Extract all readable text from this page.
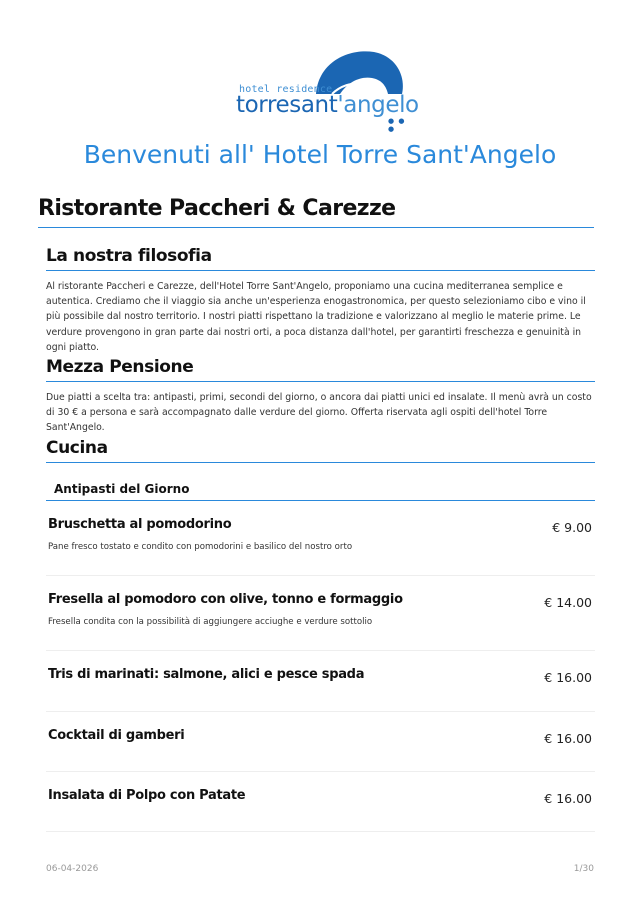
hotel residence
torresant'angelo
● ● ●
Benvenuti all' Hotel Torre Sant'Angelo
Ristorante Paccheri & Carezze
La nostra filosofia

Al ristorante Paccheri e Carezze, dell'Hotel Torre Sant'Angelo, proponiamo una cucina mediterranea semplice e autentica. Crediamo che il viaggio sia anche un'esperienza enogastronomica, per questo selezioniamo cibo e vino il più possibile dal nostro territorio. I nostri piatti rispettano la tradizione e valorizzano al meglio le materie prime. Le verdure provengono in gran parte dai nostri orti, a poca distanza dall'hotel, per garantirti freschezza e genuinità in ogni piatto.

Mezza Pensione

Due piatti a scelta tra: antipasti, primi, secondi del giorno, o ancora dai piatti unici ed insalate. Il menù avrà un costo di 30 € a persona e sarà accompagnato dalle verdure del giorno. Offerta riservata agli ospiti dell'hotel Torre Sant'Angelo.

Cucina
Antipasti del Giorno
Bruschetta al pomodorino
Pane fresco tostato e condito con pomodorini e basilico del nostro orto
€ 9.00
Fresella al pomodoro con olive, tonno e formaggio
Fresella condita con la possibilità di aggiungere acciughe e verdure sottolio
€ 14.00
Tris di marinati: salmone, alici e pesce spada	€ 16.00
Cocktail di gamberi	€ 16.00
Insalata di Polpo con Patate	€ 16.00
06-04-2026	1/30
